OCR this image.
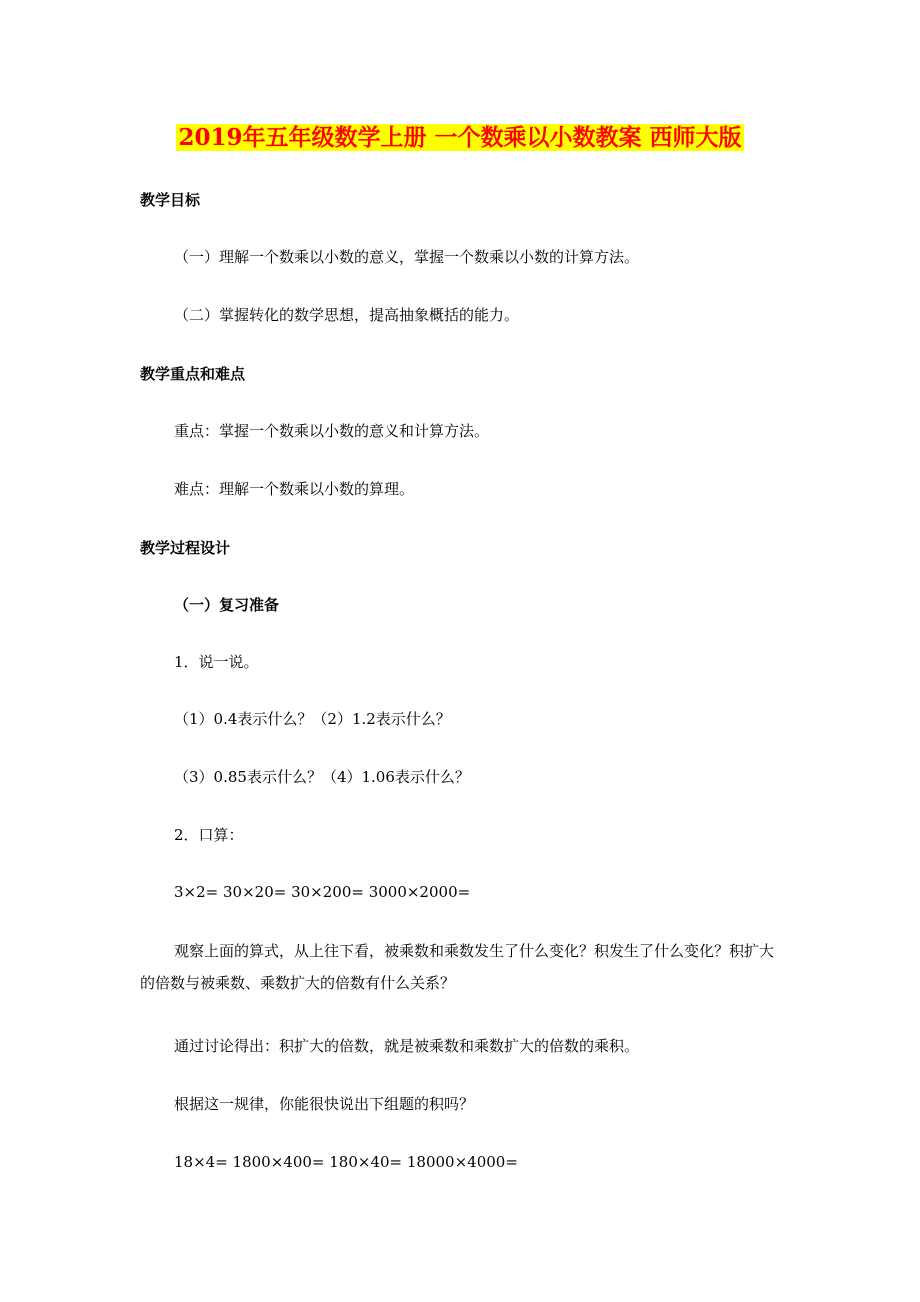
2019年五年级数学上册 一个数乘以小数教案 西师大版
教学目标
（一）理解一个数乘以小数的意义，掌握一个数乘以小数的计算方法。
（二）掌握转化的数学思想，提高抽象概括的能力。
教学重点和难点
重点：掌握一个数乘以小数的意义和计算方法。
难点：理解一个数乘以小数的算理。
教学过程设计
（一）复习准备
1．说一说。
（1）0.4表示什么？（2）1.2表示什么？
（3）0.85表示什么？（4）1.06表示什么？
2．口算：
3×2= 30×20= 30×200= 3000×2000=
观察上面的算式，从上往下看，被乘数和乘数发生了什么变化？积发生了什么变化？积扩大的倍数与被乘数、乘数扩大的倍数有什么关系？
通过讨论得出：积扩大的倍数，就是被乘数和乘数扩大的倍数的乘积。
根据这一规律，你能很快说出下组题的积吗？
18×4= 1800×400= 180×40= 18000×4000=
